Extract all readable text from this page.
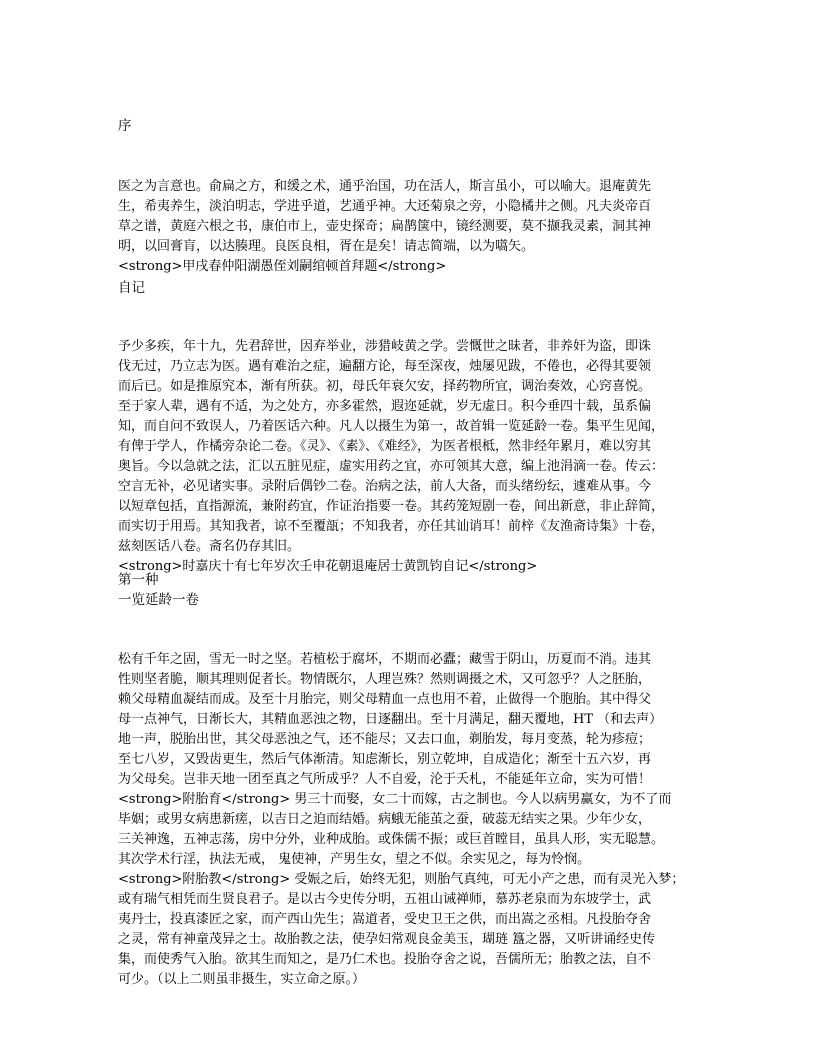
序
医之为言意也。俞扁之方，和缓之术，通乎治国，功在活人，斯言虽小，可以喻大。退庵黄先
生，希夷养生，淡泊明志，学进乎道，艺通乎神。大还菊泉之旁，小隐橘井之侧。凡夫炎帝百
草之谱，黄庭六根之书，康伯市上，壶史探奇；扁鹊箧中，镜经测要，莫不撷我灵素，洞其神
明，以回膏肓，以达腠理。良医良相，胥在是矣！请志简端，以为嚆矢。
<strong>甲戌春仲阳湖愚侄刘嗣绾顿首拜题</strong>
自记
予少多疾，年十九，先君辞世，因弃举业，涉猎岐黄之学。尝慨世之昧者，非养奸为盗，即诛
伐无过，乃立志为医。遇有难治之症，遍翻方论，每至深夜，烛屡见跋，不倦也，必得其要领
而后已。如是推原究本，渐有所获。初，母氏年衰欠安，择药物所宜，调治奏效，心窍喜悦。
至于家人辈，遇有不适，为之处方，亦多霍然，遐迩延就，岁无虚日。积今垂四十载，虽系偏
知，而自问不致误人，乃着医话六种。凡人以摄生为第一，故首辑一览延龄一卷。集平生见闻，
有俾于学人，作橘旁杂论二卷。《灵》、《素》、《难经》，为医者根柢，然非经年累月，难以穷其
奥旨。今以急就之法，汇以五脏见症，虚实用药之宜，亦可领其大意，编上池涓滴一卷。传云：
空言无补，必见诸实事。录附后偶钞二卷。治病之法，前人大备，而头绪纷纭，遽难从事。今
以短章包括，直指源流，兼附药宜，作证治指要一卷。其药笼短剧一卷，间出新意，非止辞简，
而实切于用焉。其知我者，谅不至覆瓿；不知我者，亦任其讪诮耳！前梓《友渔斋诗集》十卷，
兹刻医话八卷。斋名仍存其旧。
<strong>时嘉庆十有七年岁次壬申花朝退庵居士黄凯钧自记</strong>
第一种
一览延龄一卷
松有千年之固，雪无一时之坚。若植松于腐坏，不期而必蠹；藏雪于阴山，历夏而不消。违其
性则坚者脆，顺其理则促者长。物情既尔，人理岂殊？然则调摄之术，又可忽乎？人之胚胎，
赖父母精血凝结而成。及至十月胎完，则父母精血一点也用不着，止做得一个胞胎。其中得父
母一点神气，日渐长大，其精血恶浊之物，日逐翻出。至十月满足，翻天覆地，HT （和去声）
地一声，脱胎出世，其父母恶浊之气，还不能尽；又去口血，剃胎发，每月变蒸，轮为疹痘；
至七八岁，又毁齿更生，然后气体渐清。知虑渐长，别立乾坤，自成造化；渐至十五六岁，再
为父母矣。岂非天地一团至真之气所成乎？人不自爱，沦于夭札，不能延年立命，实为可惜！
<strong>附胎育</strong> 男三十而娶，女二十而嫁，古之制也。今人以病男赢女，为不了而
毕姻；或男女病患新瘥，以吉日之迫而结婚。病蛾无能茧之蚕，破蕊无结实之果。少年少女，
三关神逸，五神志荡，房中分外，业种成胎。或侏儒不振；或巨首瞠目，虽具人形，实无聪慧。
其次学术行淫，执法无戒， 鬼使神，产男生女，望之不似。余实见之，每为怜悯。
<strong>附胎教</strong> 受娠之后，始终无犯，则胎气真纯，可无小产之患，而有灵光入梦；
或有瑞气相凭而生贤良君子。是以古今史传分明，五祖山诫禅师，慕苏老泉而为东坡学士，武
夷丹士，投真漆匠之家，而产西山先生；嵩道者，受史卫王之供，而出嵩之丞相。凡投胎夺舍
之灵，常有神童茂异之士。故胎教之法，使孕妇常观良金美玉，瑚琏 簋之器，又听讲诵经史传
集，而使秀气入胎。欲其生而知之，是乃仁术也。投胎夺舍之说，吾儒所无；胎教之法，自不
可少。（以上二则虽非摄生，实立命之原。）
